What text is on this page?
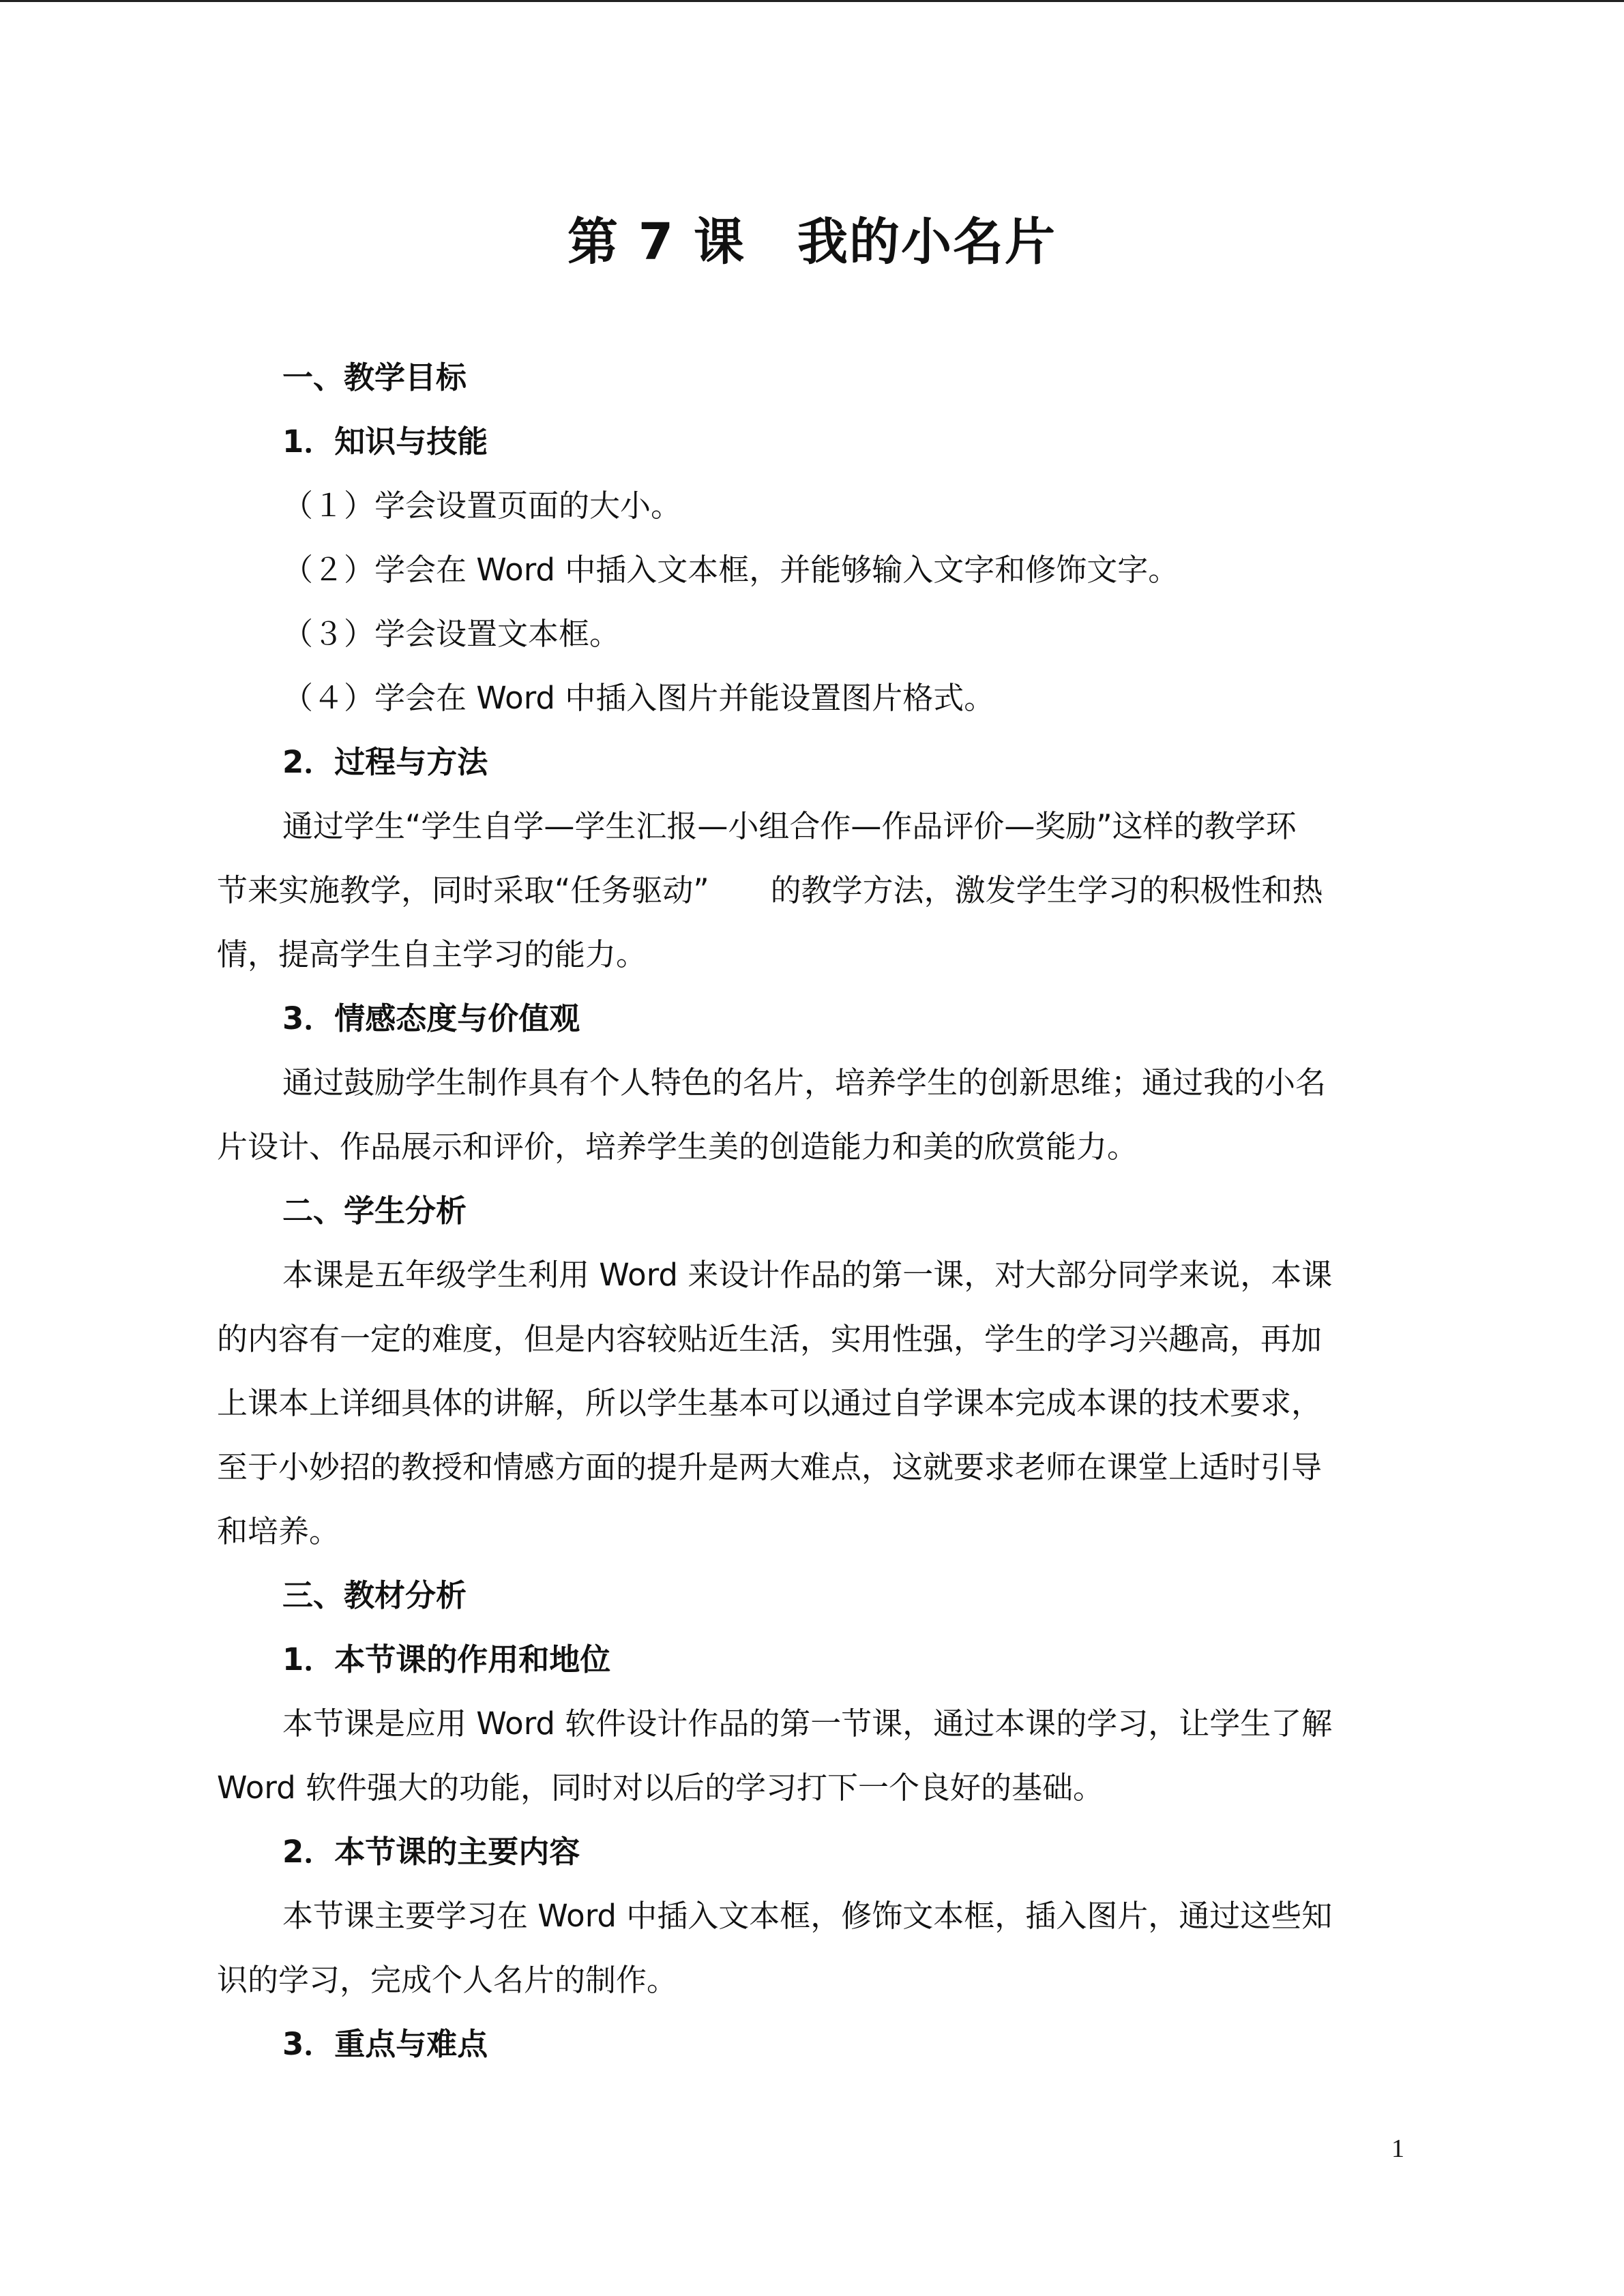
第 7 课　我的小名片
一、教学目标
1．知识与技能
（１）学会设置页面的大小。
（２）学会在 Word 中插入文本框，并能够输入文字和修饰文字。
（３）学会设置文本框。
（４）学会在 Word 中插入图片并能设置图片格式。
2．过程与方法
通过学生“学生自学—学生汇报—小组合作—作品评价—奖励”这样的教学环
节来实施教学，同时采取“任务驱动”　　的教学方法，激发学生学习的积极性和热
情，提高学生自主学习的能力。
3．情感态度与价值观
通过鼓励学生制作具有个人特色的名片，培养学生的创新思维；通过我的小名
片设计、作品展示和评价，培养学生美的创造能力和美的欣赏能力。
二、学生分析
本课是五年级学生利用 Word 来设计作品的第一课，对大部分同学来说，本课
的内容有一定的难度，但是内容较贴近生活，实用性强，学生的学习兴趣高，再加
上课本上详细具体的讲解，所以学生基本可以通过自学课本完成本课的技术要求，
至于小妙招的教授和情感方面的提升是两大难点，这就要求老师在课堂上适时引导
和培养。
三、教材分析
1．本节课的作用和地位
本节课是应用 Word 软件设计作品的第一节课，通过本课的学习，让学生了解
Word 软件强大的功能，同时对以后的学习打下一个良好的基础。
2．本节课的主要内容
本节课主要学习在 Word 中插入文本框，修饰文本框，插入图片，通过这些知
识的学习，完成个人名片的制作。
3．重点与难点
1
